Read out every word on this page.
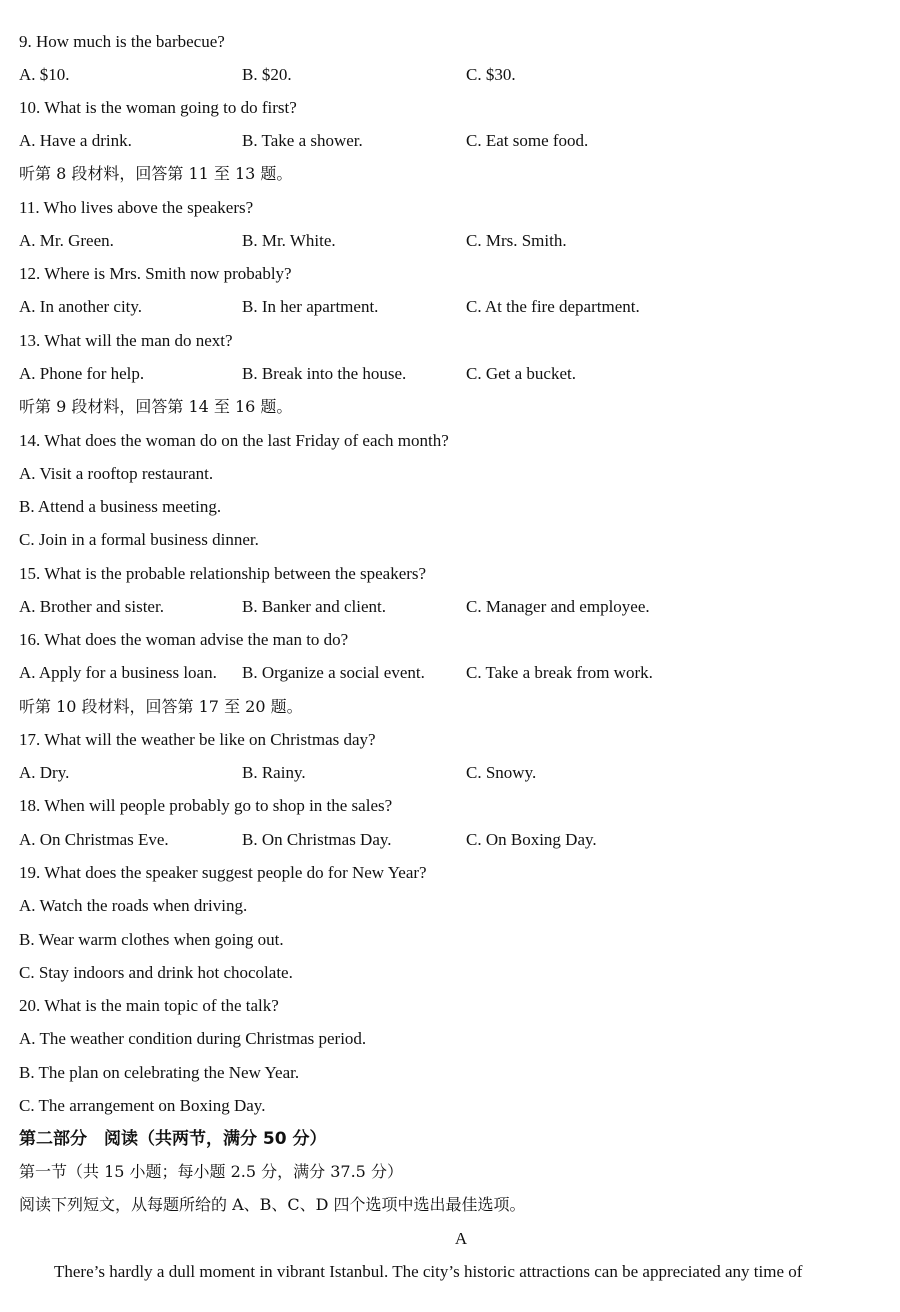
9. How much is the barbecue?
A. $10.	B. $20.	C. $30.
10. What is the woman going to do first?
A. Have a drink.	B. Take a shower.	C. Eat some food.
听第 8 段材料，回答第 11 至 13 题。
11. Who lives above the speakers?
A. Mr. Green.	B. Mr. White.	C. Mrs. Smith.
12. Where is Mrs. Smith now probably?
A. In another city.	B. In her apartment.	C. At the fire department.
13. What will the man do next?
A. Phone for help.	B. Break into the house.	C. Get a bucket.
听第 9 段材料，回答第 14 至 16 题。
14. What does the woman do on the last Friday of each month?
A. Visit a rooftop restaurant.
B. Attend a business meeting.
C. Join in a formal business dinner.
15. What is the probable relationship between the speakers?
A. Brother and sister.	B. Banker and client.	C. Manager and employee.
16. What does the woman advise the man to do?
A. Apply for a business loan. B. Organize a social event. C. Take a break from work.
听第 10 段材料，回答第 17 至 20 题。
17. What will the weather be like on Christmas day?
A. Dry.	B. Rainy.	C. Snowy.
18. When will people probably go to shop in the sales?
A. On Christmas Eve.	B. On Christmas Day.	C. On Boxing Day.
19. What does the speaker suggest people do for New Year?
A. Watch the roads when driving.
B. Wear warm clothes when going out.
C. Stay indoors and drink hot chocolate.
20. What is the main topic of the talk?
A. The weather condition during Christmas period.
B. The plan on celebrating the New Year.
C. The arrangement on Boxing Day.
第二部分　阅读（共两节，满分 50 分）
第一节（共 15 小题；每小题 2.5 分，满分 37.5 分）
阅读下列短文，从每题所给的 A、B、C、D 四个选项中选出最佳选项。
A
There’s hardly a dull moment in vibrant Istanbul. The city’s historic attractions can be appreciated any time of
